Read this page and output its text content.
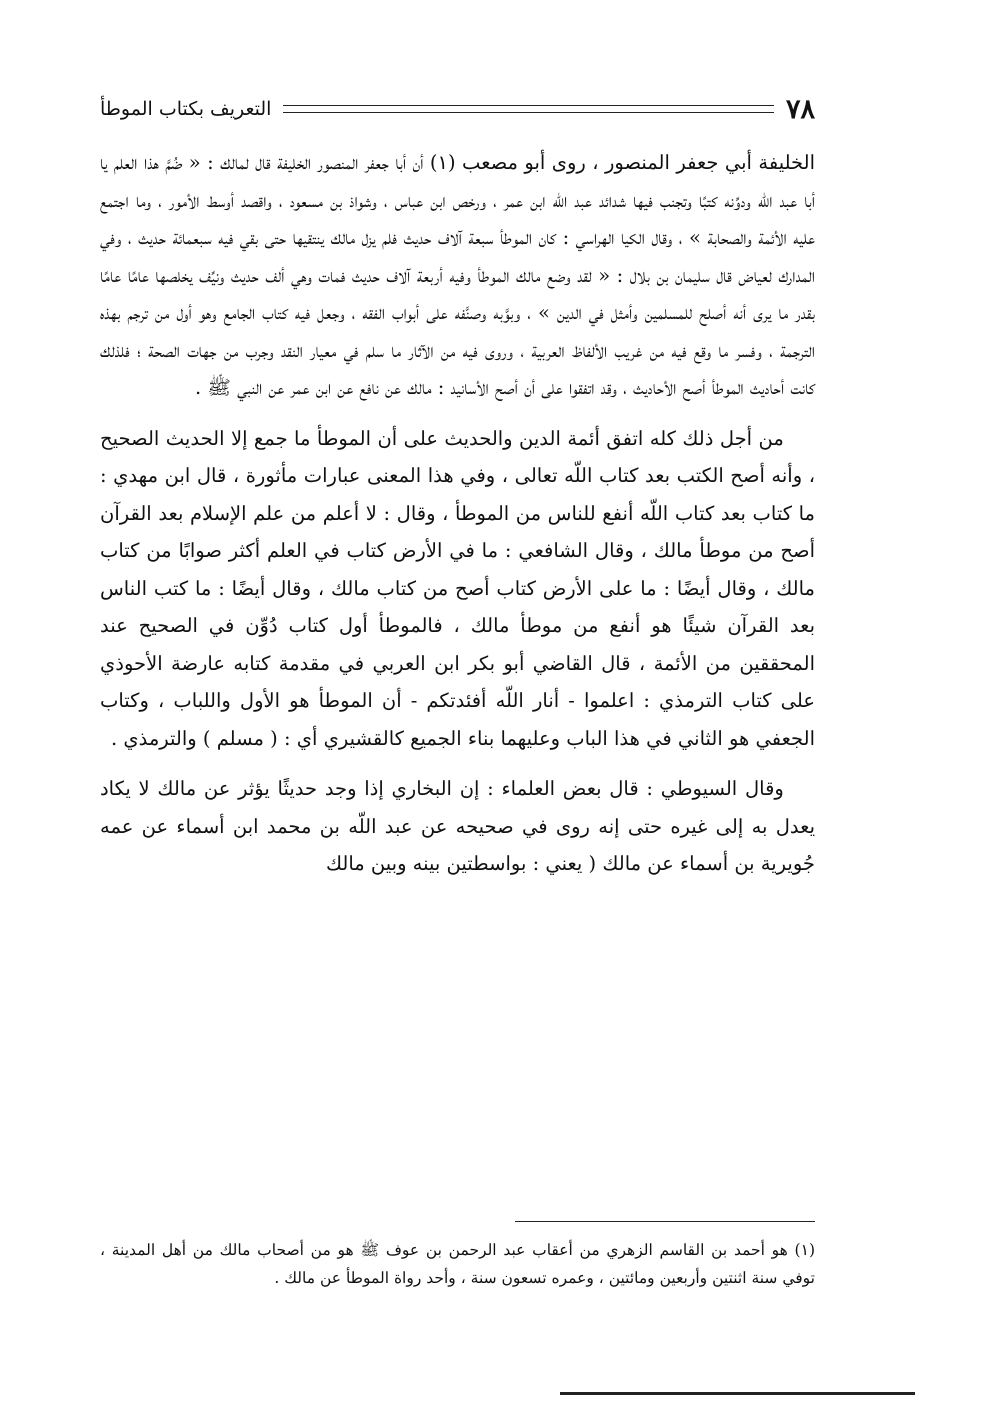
٧٨
التعريف بكتاب الموطأ

الخليفة أبي جعفر المنصور ، روى أبو مصعب (١) أن أبا جعفر المنصور الخليفة قال لمالك : « ضُمَّ هذا العلم يا أبا عبد اللّه ودوِّنه كتبًا وتجنب فيها شدائد عبد اللّه ابن عمر ، ورخص ابن عباس ، وشواذ بن مسعود ، واقصد أوسط الأمور ، وما اجتمع عليه الأئمة والصحابة » ، وقال الكيا الهراسي : كان الموطأ سبعة آلاف حديث فلم يزل مالك ينتقيها حتى بقي فيه سبعمائة حديث ، وفي المدارك لعياض قال سليمان بن بلال : « لقد وضع مالك الموطأ وفيه أربعة آلاف حديث فمات وهي ألف حديث ونيِّف يخلصها عامًا عامًا بقدر ما يرى أنه أصلح للمسلمين وأمثل في الدين » ، وبوَّبه وصنَّفه على أبواب الفقه ، وجعل فيه كتاب الجامع وهو أول من ترجم بهذه الترجمة ، وفسر ما وقع فيه من غريب الألفاظ العربية ، وروى فيه من الآثار ما سلم في معيار النقد وجرب من جهات الصحة ؛ فلذلك كانت أحاديث الموطأ أصح الأحاديث ، وقد اتفقوا على أن أصح الأسانيد : مالك عن نافع عن ابن عمر عن النبي ﷺ .

من أجل ذلك كله اتفق أئمة الدين والحديث على أن الموطأ ما جمع إلا الحديث الصحيح ، وأنه أصح الكتب بعد كتاب اللّه تعالى ، وفي هذا المعنى عبارات مأثورة ، قال ابن مهدي : ما كتاب بعد كتاب اللّه أنفع للناس من الموطأ ، وقال : لا أعلم من علم الإسلام بعد القرآن أصح من موطأ مالك ، وقال الشافعي : ما في الأرض كتاب في العلم أكثر صوابًا من كتاب مالك ، وقال أيضًا : ما على الأرض كتاب أصح من كتاب مالك ، وقال أيضًا : ما كتب الناس بعد القرآن شيئًا هو أنفع من موطأ مالك ، فالموطأ أول كتاب دُوِّن في الصحيح عند المحققين من الأئمة ، قال القاضي أبو بكر ابن العربي في مقدمة كتابه عارضة الأحوذي على كتاب الترمذي : اعلموا - أنار اللّه أفئدتكم - أن الموطأ هو الأول واللباب ، وكتاب الجعفي هو الثاني في هذا الباب وعليهما بناء الجميع كالقشيري أي : ( مسلم ) والترمذي .

وقال السيوطي : قال بعض العلماء : إن البخاري إذا وجد حديثًا يؤثر عن مالك لا يكاد يعدل به إلى غيره حتى إنه روى في صحيحه عن عبد اللّه بن محمد ابن أسماء عن عمه جُويرية بن أسماء عن مالك ( يعني : بواسطتين بينه وبين مالك

(١) هو أحمد بن القاسم الزهري من أعقاب عبد الرحمن بن عوف ﷺ هو من أصحاب مالك من أهل المدينة ، توفي سنة اثنتين وأربعين ومائتين ، وعمره تسعون سنة ، وأحد رواة الموطأ عن مالك .
